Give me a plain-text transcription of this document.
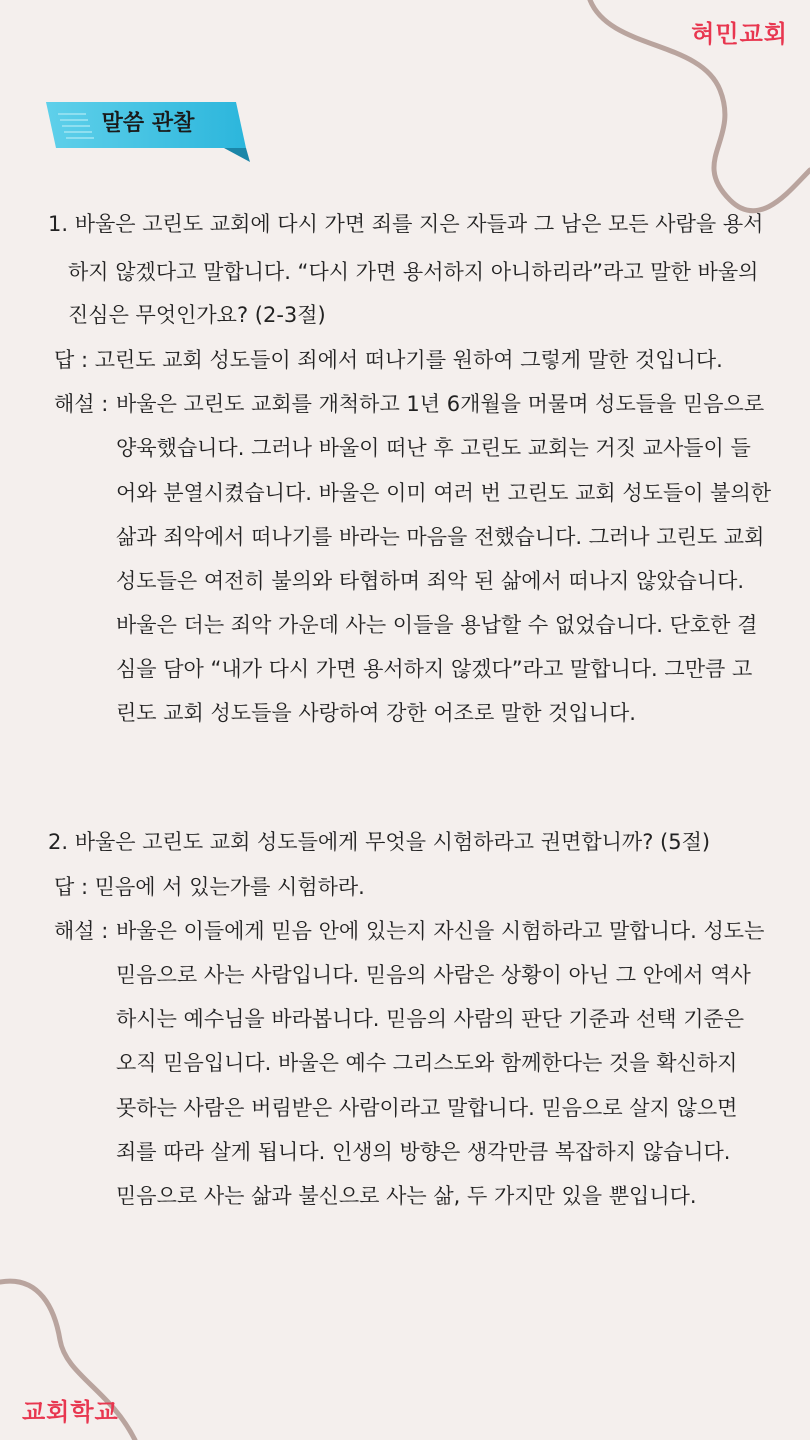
혀민교회
말씀 관찰
1. 바울은 고린도 교회에 다시 가면 죄를 지은 자들과 그 남은 모든 사람을 용서
하지 않겠다고 말합니다. “다시 가면 용서하지 아니하리라”라고 말한 바울의
진심은 무엇인가요? (2-3절)
답 : 고린도 교회 성도들이 죄에서 떠나기를 원하여 그렇게 말한 것입니다.
해설 : 바울은 고린도 교회를 개척하고 1년 6개월을 머물며 성도들을 믿음으로
양육했습니다. 그러나 바울이 떠난 후 고린도 교회는 거짓 교사들이 들
어와 분열시켰습니다. 바울은 이미 여러 번 고린도 교회 성도들이 불의한
삶과 죄악에서 떠나기를 바라는 마음을 전했습니다. 그러나 고린도 교회
성도들은 여전히 불의와 타협하며 죄악 된 삶에서 떠나지 않았습니다.
바울은 더는 죄악 가운데 사는 이들을 용납할 수 없었습니다. 단호한 결
심을 담아 “내가 다시 가면 용서하지 않겠다”라고 말합니다. 그만큼 고
린도 교회 성도들을 사랑하여 강한 어조로 말한 것입니다.
2. 바울은 고린도 교회 성도들에게 무엇을 시험하라고 권면합니까? (5절)
답 : 믿음에 서 있는가를 시험하라.
해설 : 바울은 이들에게 믿음 안에 있는지 자신을 시험하라고 말합니다. 성도는
믿음으로 사는 사람입니다. 믿음의 사람은 상황이 아닌 그 안에서 역사
하시는 예수님을 바라봅니다. 믿음의 사람의 판단 기준과 선택 기준은
오직 믿음입니다. 바울은 예수 그리스도와 함께한다는 것을 확신하지
못하는 사람은 버림받은 사람이라고 말합니다. 믿음으로 살지 않으면
죄를 따라 살게 됩니다. 인생의 방향은 생각만큼 복잡하지 않습니다.
믿음으로 사는 삶과 불신으로 사는 삶, 두 가지만 있을 뿐입니다.
교회학교
